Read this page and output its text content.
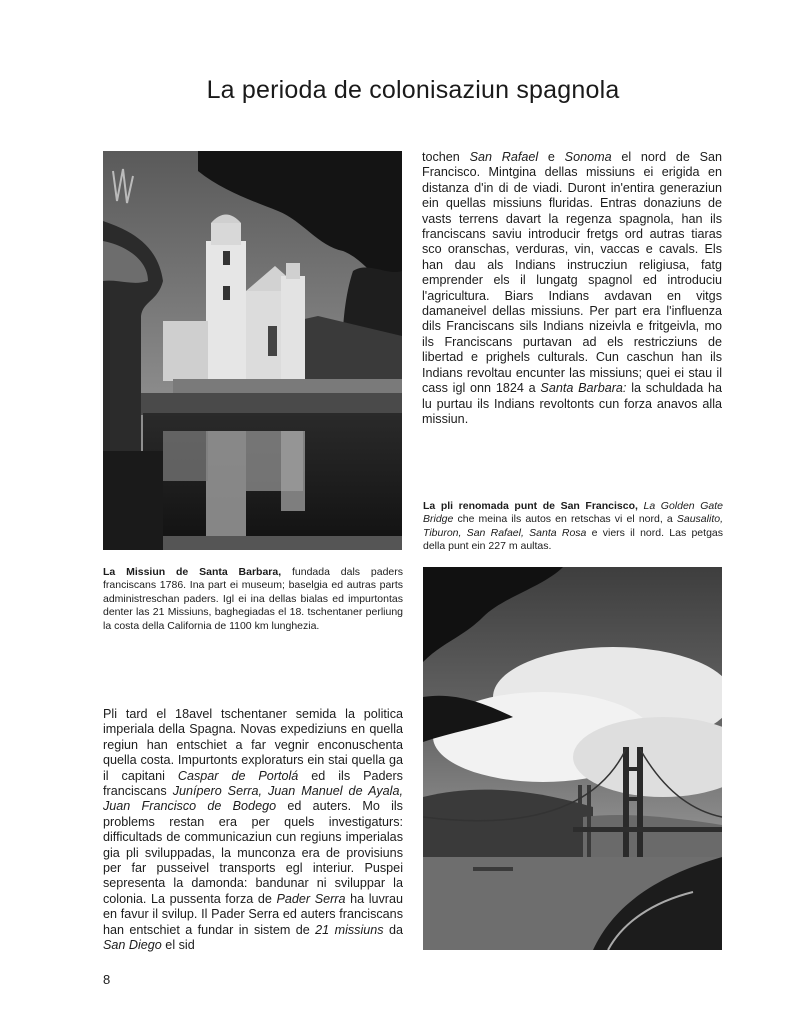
La perioda de colonisaziun spagnola

La Missiun de Santa Barbara, fundada dals paders franciscans 1786. Ina part ei museum; baselgia ed autras parts administreschan paders. Igl ei ina dellas bialas ed impurtontas denter las 21 Missiuns, baghegiadas el 18. tschentaner perliung la costa della California de 1100 km lunghezia.

tochen San Rafael e Sonoma el nord de San Francisco. Mintgina dellas missiuns ei erigida en distanza d'in di de viadi. Duront in'entira generaziun ein quellas missiuns fluridas. Entras donaziuns de vasts terrens davart la regenza spagnola, han ils franciscans saviu introducir fretgs ord autras tiaras sco oranschas, verduras, vin, vaccas e cavals. Els han dau als Indians instrucziun religiusa, fatg emprender els il lungatg spagnol ed introduciu l'agricultura. Biars Indians avdavan en vitgs damaneivel dellas missiuns. Per part era l'influenza dils Franciscans sils Indians nizeivla e fritgeivla, mo ils Franciscans purtavan ad els restricziuns de libertad e prighels culturals. Cun caschun han ils Indians revoltau encunter las missiuns; quei ei stau il cass igl onn 1824 a Santa Barbara: la schuldada ha lu purtau ils Indians revoltonts cun forza anavos alla missiun.

La pli renomada punt de San Francisco, La Golden Gate Bridge che meina ils autos en retschas vi el nord, a Sausalito, Tiburon, San Rafael, Santa Rosa e viers il nord. Las petgas della punt ein 227 m aultas.

Pli tard el 18avel tschentaner semida la politica imperiala della Spagna. Novas expediziuns en quella regiun han entschiet a far vegnir enconuschenta quella costa. Impurtonts exploraturs ein stai quella ga il capitani Caspar de Portolá ed ils Paders franciscans Junípero Serra, Juan Manuel de Ayala, Juan Francisco de Bodego ed auters. Mo ils problems restan era per quels investigaturs: difficultads de communicaziun cun regiuns imperialas gia pli sviluppadas, la munconza era de provisiuns per far pusseivel transports egl interiur. Puspei sepresenta la damonda: bandunar ni sviluppar la colonia. La pussenta forza de Pader Serra ha luvrau en favur il svilup. Il Pader Serra ed auters franciscans han entschiet a fundar in sistem de 21 missiuns da San Diego el sid

8
